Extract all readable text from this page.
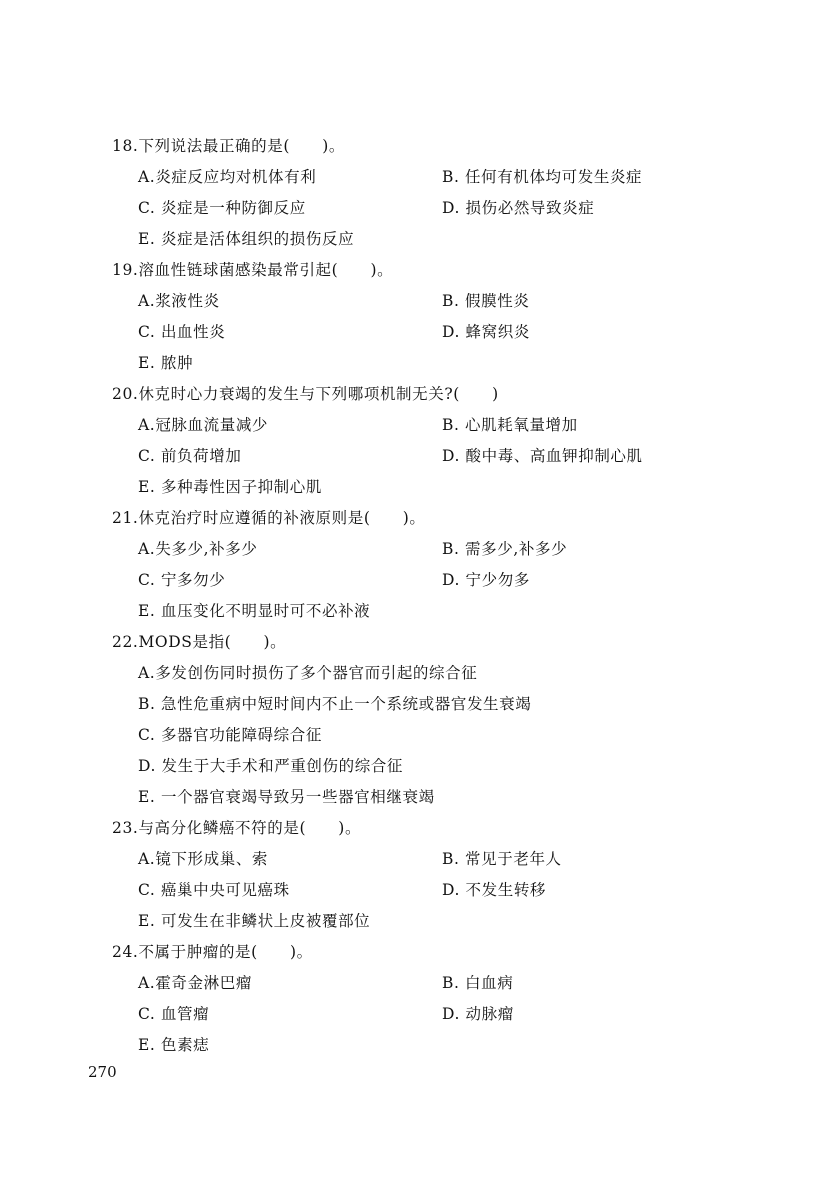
18.下列说法最正确的是(　　)。
A.炎症反应均对机体有利	B. 任何有机体均可发生炎症
C. 炎症是一种防御反应	D. 损伤必然导致炎症
E. 炎症是活体组织的损伤反应
19.溶血性链球菌感染最常引起(　　)。
A.浆液性炎	B. 假膜性炎
C. 出血性炎	D. 蜂窝织炎
E. 脓肿
20.休克时心力衰竭的发生与下列哪项机制无关?(　　)
A.冠脉血流量减少	B. 心肌耗氧量增加
C. 前负荷增加	D. 酸中毒、高血钾抑制心肌
E. 多种毒性因子抑制心肌
21.休克治疗时应遵循的补液原则是(　　)。
A.失多少,补多少	B. 需多少,补多少
C. 宁多勿少	D. 宁少勿多
E. 血压变化不明显时可不必补液
22.MODS是指(　　)。
A.多发创伤同时损伤了多个器官而引起的综合征
B. 急性危重病中短时间内不止一个系统或器官发生衰竭
C. 多器官功能障碍综合征
D. 发生于大手术和严重创伤的综合征
E. 一个器官衰竭导致另一些器官相继衰竭
23.与高分化鳞癌不符的是(　　)。
A.镜下形成巢、索	B. 常见于老年人
C. 癌巢中央可见癌珠	D. 不发生转移
E. 可发生在非鳞状上皮被覆部位
24.不属于肿瘤的是(　　)。
A.霍奇金淋巴瘤	B. 白血病
C. 血管瘤	D. 动脉瘤
E. 色素痣
270
